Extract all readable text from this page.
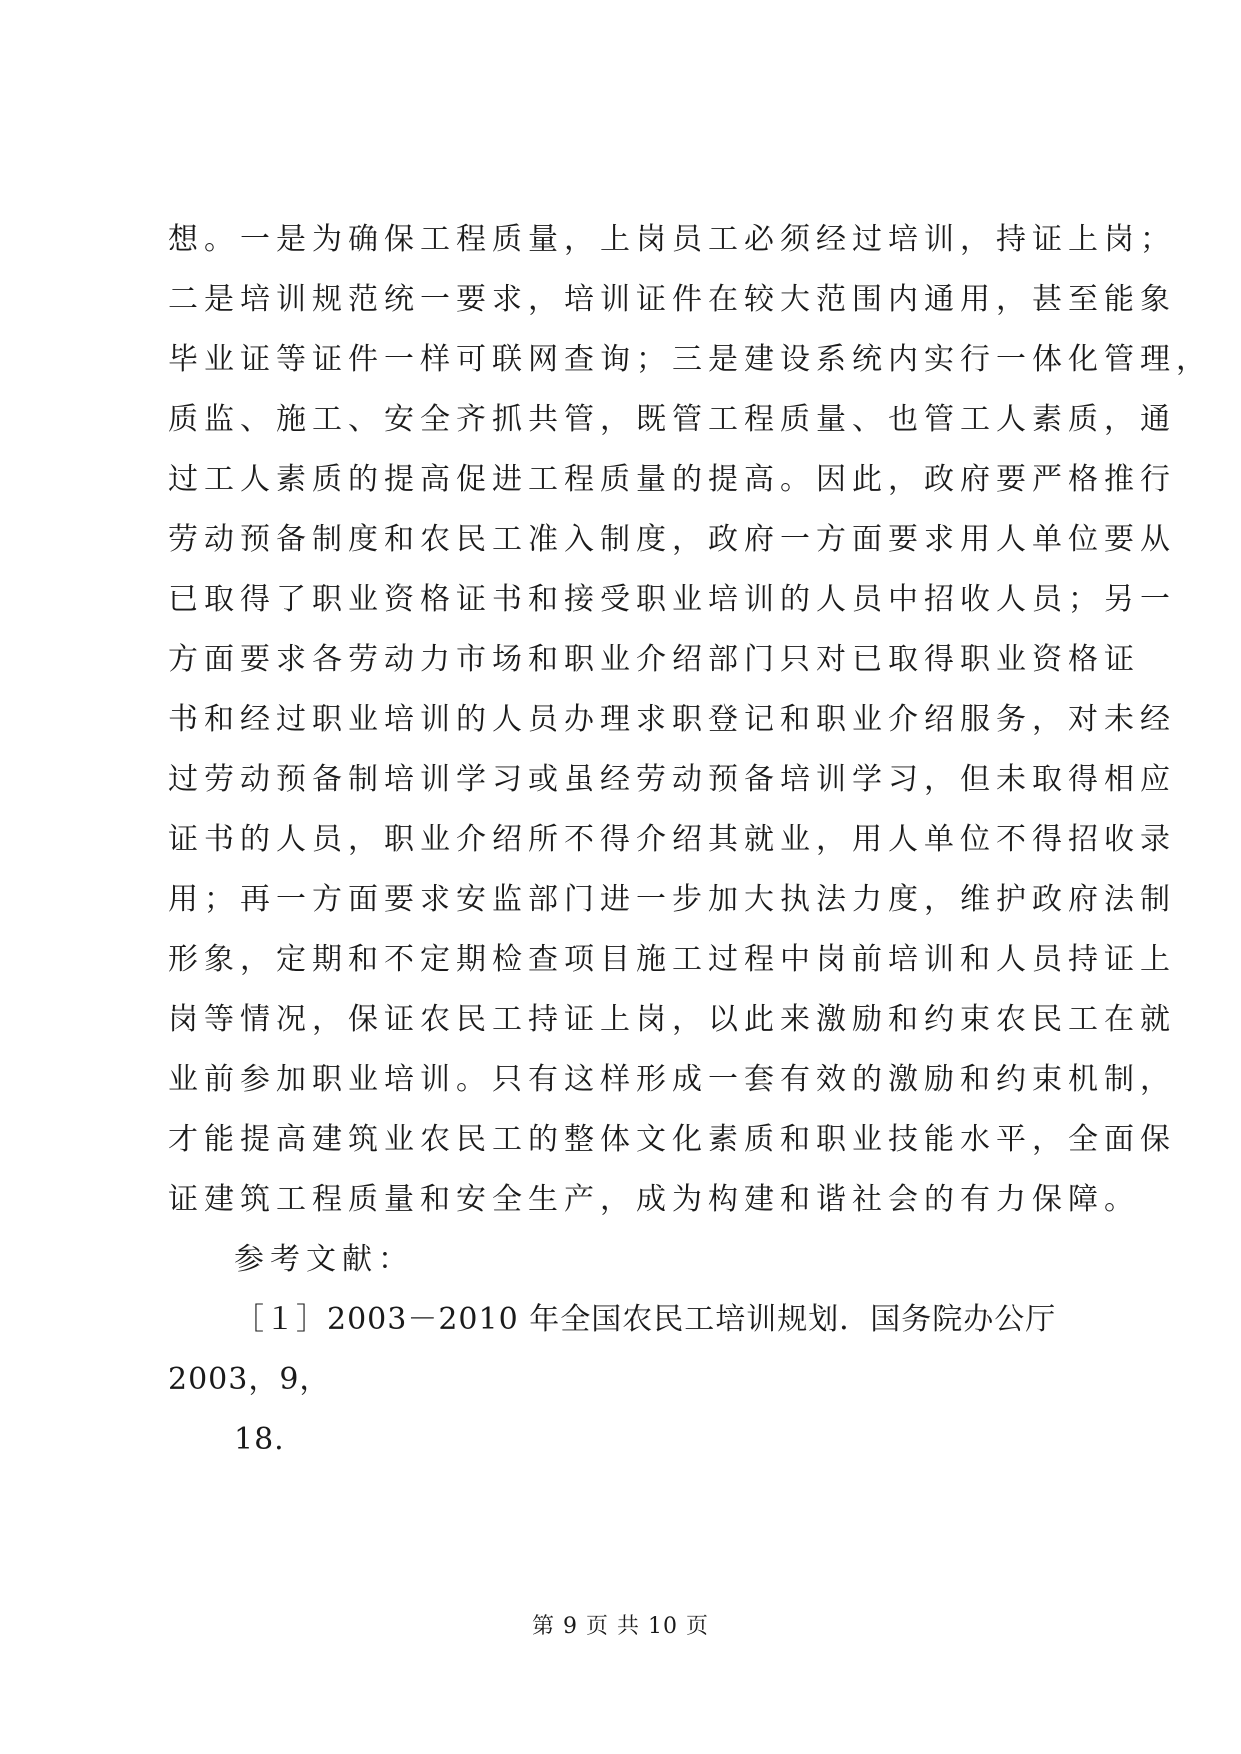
想。一是为确保工程质量，上岗员工必须经过培训，持证上岗；
二是培训规范统一要求，培训证件在较大范围内通用，甚至能象
毕业证等证件一样可联网查询；三是建设系统内实行一体化管理，
质监、施工、安全齐抓共管，既管工程质量、也管工人素质，通
过工人素质的提高促进工程质量的提高。因此，政府要严格推行
劳动预备制度和农民工准入制度，政府一方面要求用人单位要从
已取得了职业资格证书和接受职业培训的人员中招收人员；另一
方面要求各劳动力市场和职业介绍部门只对已取得职业资格证
书和经过职业培训的人员办理求职登记和职业介绍服务，对未经
过劳动预备制培训学习或虽经劳动预备培训学习，但未取得相应
证书的人员，职业介绍所不得介绍其就业，用人单位不得招收录
用；再一方面要求安监部门进一步加大执法力度，维护政府法制
形象，定期和不定期检查项目施工过程中岗前培训和人员持证上
岗等情况，保证农民工持证上岗，以此来激励和约束农民工在就
业前参加职业培训。只有这样形成一套有效的激励和约束机制，
才能提高建筑业农民工的整体文化素质和职业技能水平，全面保
证建筑工程质量和安全生产，成为构建和谐社会的有力保障。
参考文献：
［１］2003－2010 年全国农民工培训规划．国务院办公厅
2003，9，
18.
第 9 页 共 10 页
